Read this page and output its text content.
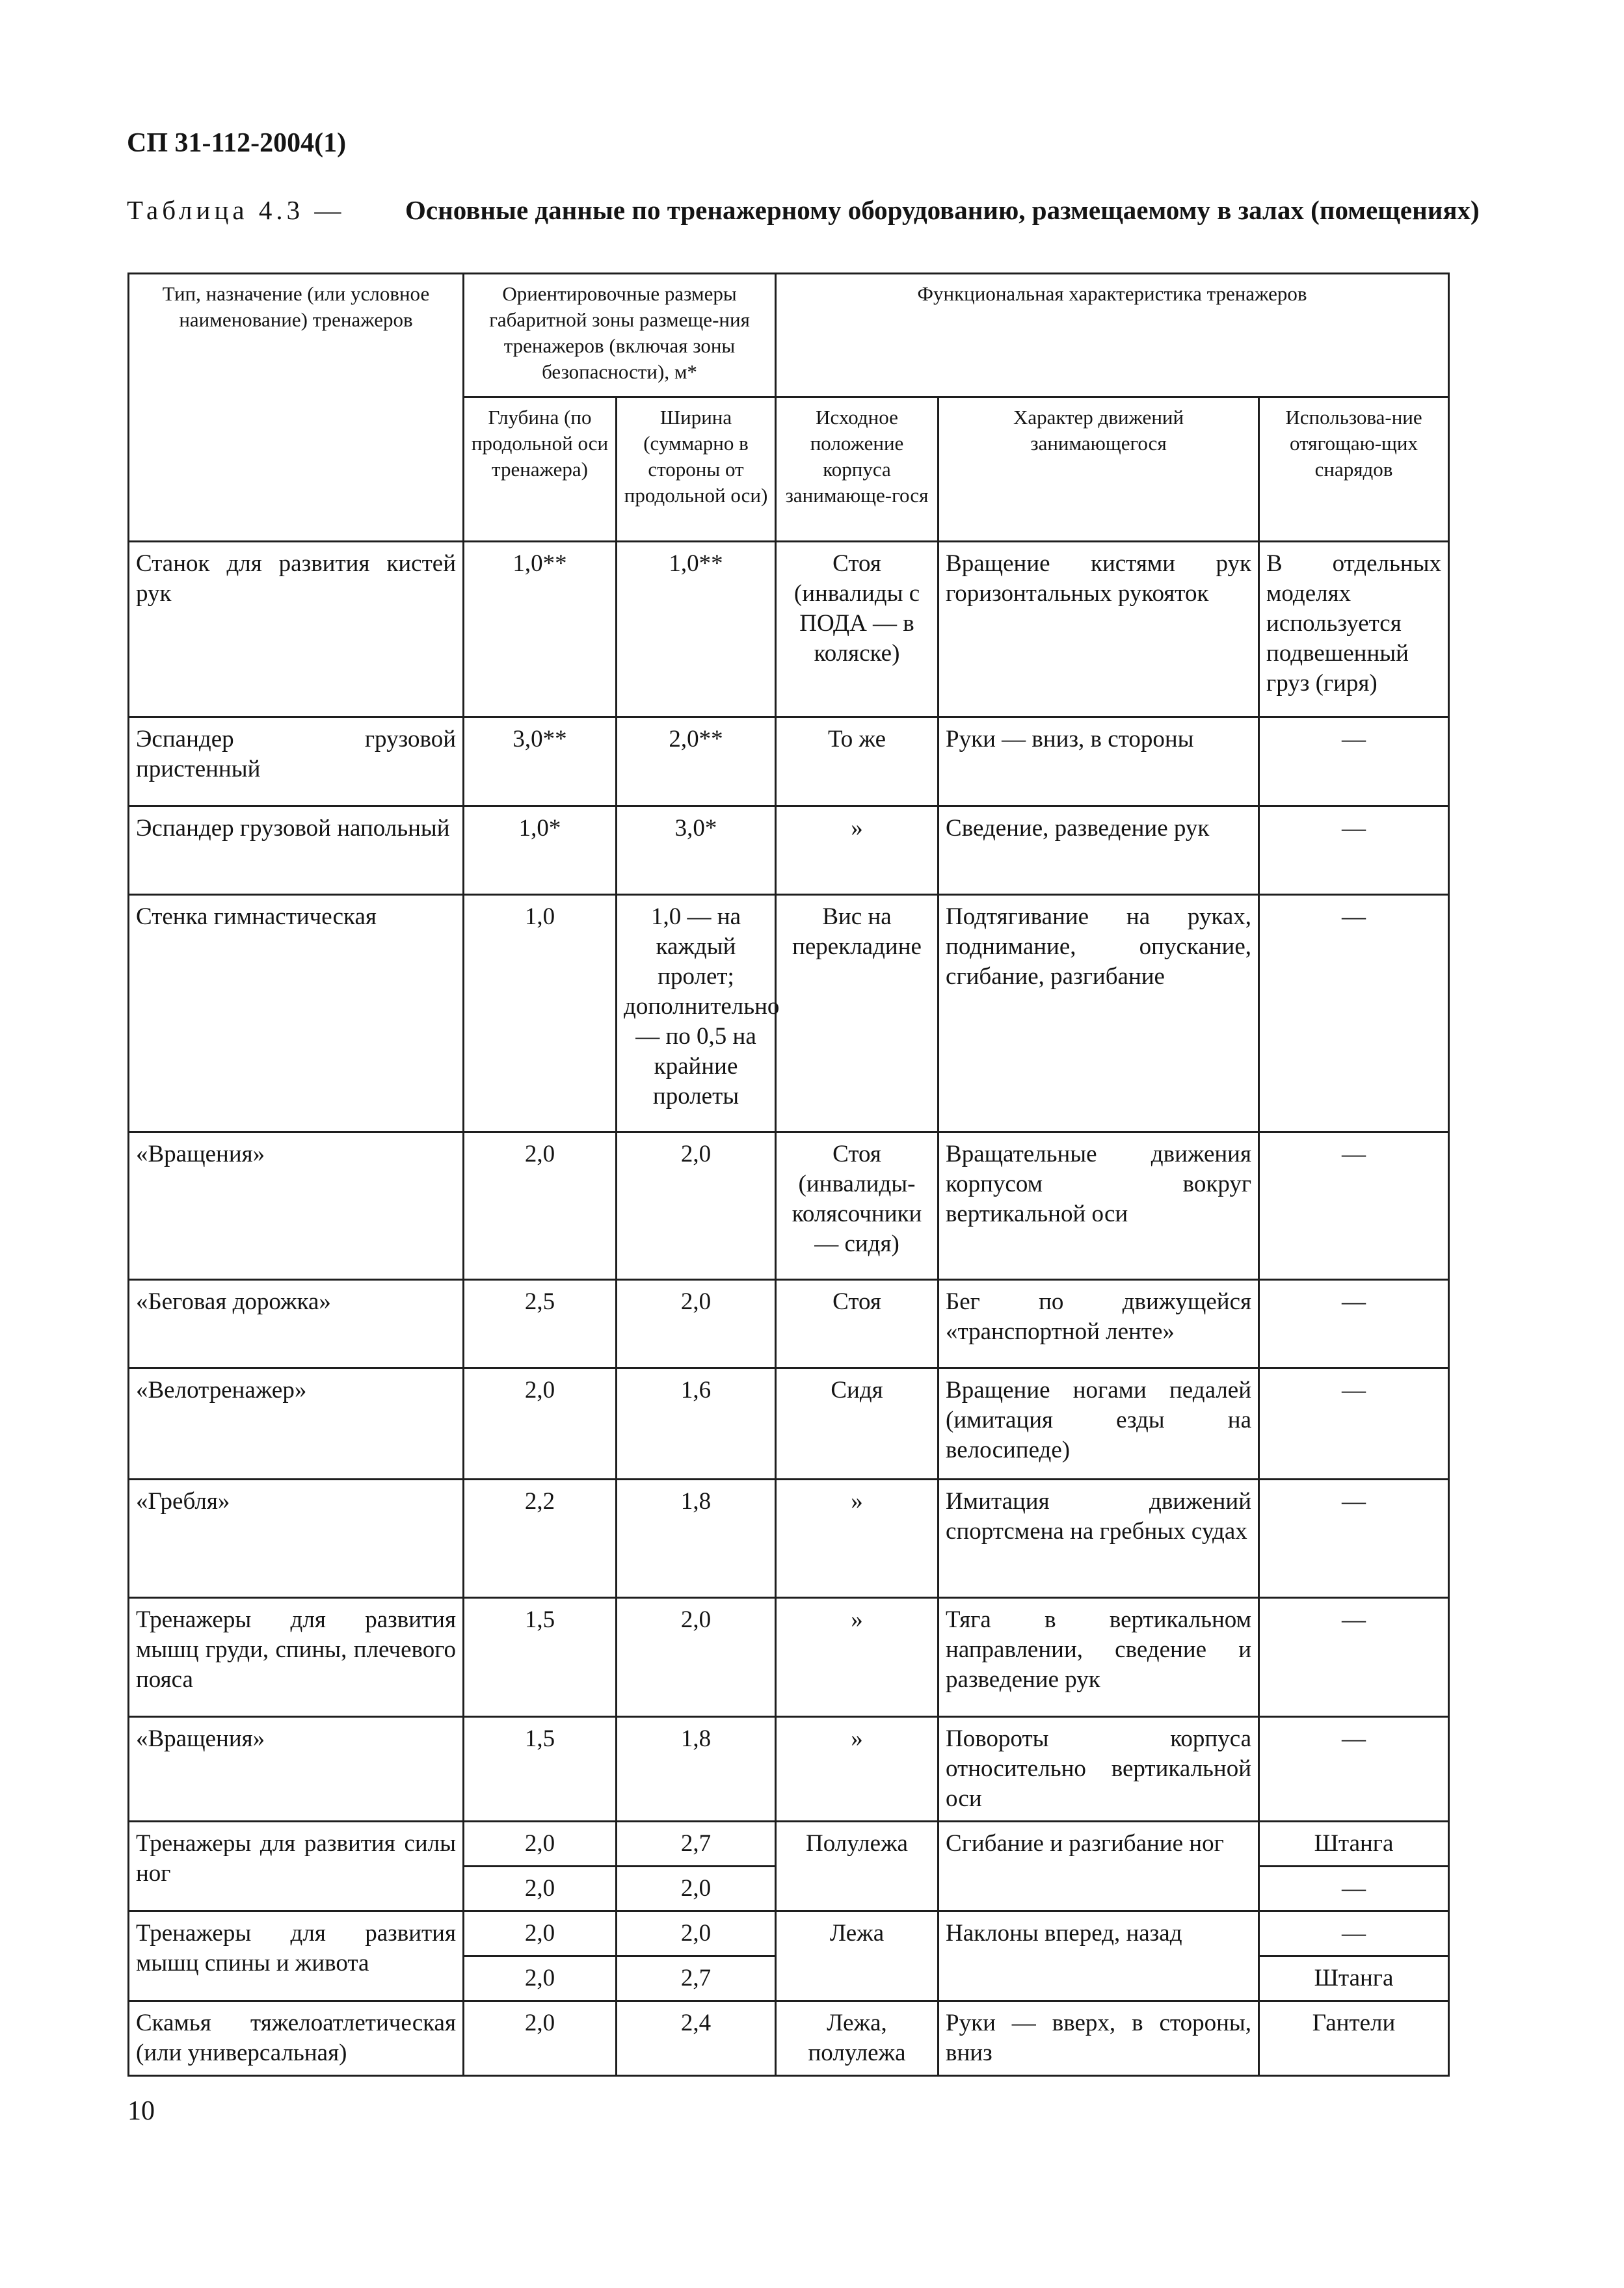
СП 31-112-2004(1)
Таблица 4.3 — Основные данные по тренажерному оборудованию, размещаемому в залах (помещениях)
Тип, назначение (или условное наименование) тренажеров	Ориентировочные размеры габаритной зоны размеще-ния тренажеров (включая зоны безопасности), м*		Функциональная характеристика тренажеров		
	Глубина (по продольной оси тренажера)	Ширина (суммарно в стороны от продольной оси)	Исходное положение корпуса занимающе-гося	Характер движений занимающегося	Использова-ние отягощаю-щих снарядов
Станок для развития кистей рук	1,0**	1,0**	Стоя (инвалиды с ПОДА — в коляске)	Вращение кистями рук горизонтальных рукояток	В отдельных моделях используется подвешенный груз (гиря)
Эспандер грузовой пристенный	3,0**	2,0**	То же	Руки — вниз, в стороны	—
Эспандер грузовой напольный	1,0*	3,0*	»	Сведение, разведение рук	—
Стенка гимнастическая	1,0	1,0 — на каждый пролет; дополнительно — по 0,5 на крайние пролеты	Вис на перекладине	Подтягивание на руках, поднимание, опускание, сгибание, разгибание	—
«Вращения»	2,0	2,0	Стоя (инвалиды-колясочники — сидя)	Вращательные движения корпусом вокруг вертикальной оси	—
«Беговая дорожка»	2,5	2,0	Стоя	Бег по движущейся «транспортной ленте»	—
«Велотренажер»	2,0	1,6	Сидя	Вращение ногами педалей (имитация езды на велосипеде)	—
«Гребля»	2,2	1,8	»	Имитация движений спортсмена на гребных судах	—
Тренажеры для развития мышц груди, спины, плечевого пояса	1,5	2,0	»	Тяга в вертикальном направлении, сведение и разведение рук	—
«Вращения»	1,5	1,8	»	Повороты корпуса относительно вертикальной оси	—
Тренажеры для развития силы ног	2,0	2,7	Полулежа	Сгибание и разгибание ног	Штанга
	2,0	2,0			—
Тренажеры для развития мышц спины и живота	2,0	2,0	Лежа	Наклоны вперед, назад	—
	2,0	2,7			Штанга
Скамья тяжелоатлетическая (или универсальная)	2,0	2,4	Лежа, полулежа	Руки — вверх, в стороны, вниз	Гантели
10
